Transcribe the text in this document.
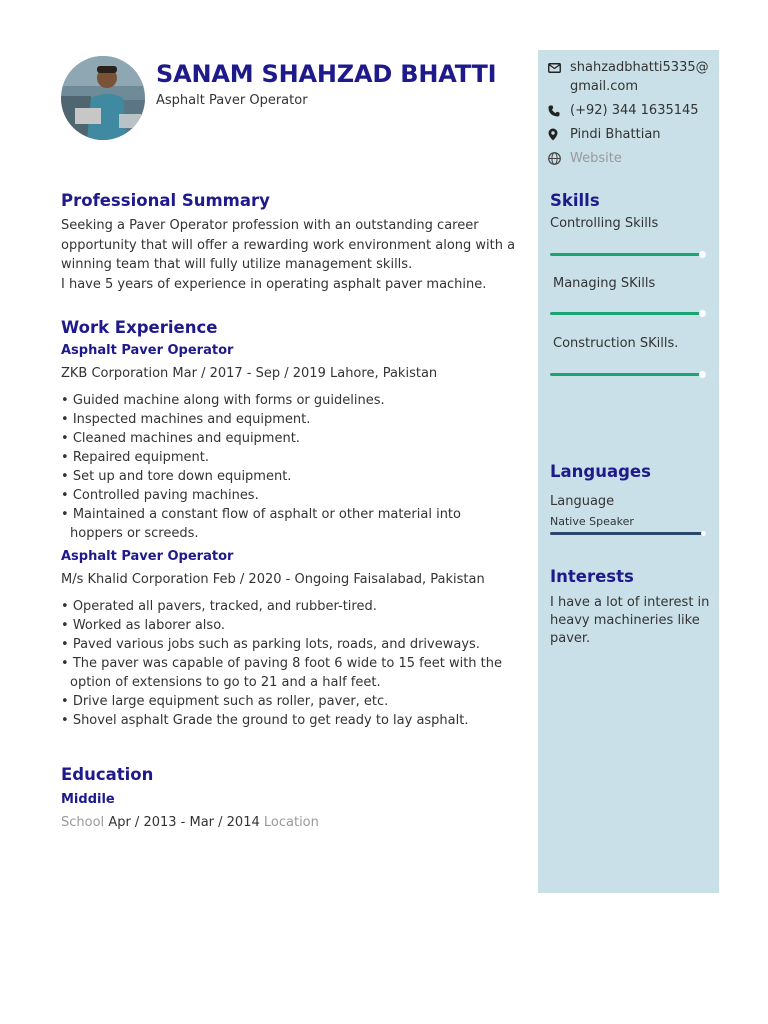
SANAM SHAHZAD BHATTI
Asphalt Paver Operator
Professional Summary
Seeking a Paver Operator profession with an outstanding career opportunity that will offer a rewarding work environment along with a winning team that will fully utilize management skills.
I have 5 years of experience in operating asphalt paver machine.
Work Experience
Asphalt Paver Operator
ZKB Corporation Mar / 2017 - Sep / 2019 Lahore, Pakistan
• Guided machine along with forms or guidelines.
• Inspected machines and equipment.
• Cleaned machines and equipment.
• Repaired equipment.
• Set up and tore down equipment.
• Controlled paving machines.
• Maintained a constant flow of asphalt or other material into hoppers or screeds.
Asphalt Paver Operator
M/s Khalid Corporation Feb / 2020 - Ongoing Faisalabad, Pakistan
• Operated all pavers, tracked, and rubber-tired.
• Worked as laborer also.
• Paved various jobs such as parking lots, roads, and driveways.
• The paver was capable of paving 8 foot 6 wide to 15 feet with the option of extensions to go to 21 and a half feet.
• Drive large equipment such as roller, paver, etc.
• Shovel asphalt Grade the ground to get ready to lay asphalt.
Education
Middile
School Apr / 2013 - Mar / 2014 Location
shahzadbhatti5335@gmail.com
(+92) 344 1635145
Pindi Bhattian
Website
Skills
Controlling Skills
Managing SKills
Construction SKills.
Languages
Language
Native Speaker
Interests
I have a lot of interest in heavy machineries like paver.
